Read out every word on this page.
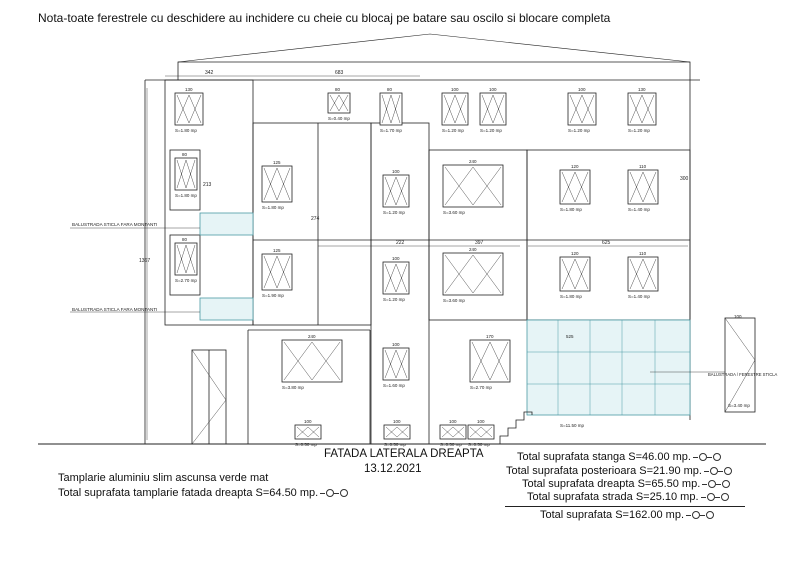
130
S=1.80 mp
80
S=0.40 mp
80
S=1.70 mp
100
S=1.20 mp
100
S=1.20 mp
100
S=1.20 mp
130
S=1.20 mp
80
S=1.80 mp
125
S=1.80 mp
100
S=1.20 mp
240
S=3.60 mp
120
S=1.80 mp
110
S=1.40 mp
80
S=2.70 mp
125
S=1.90 mp
100
S=1.20 mp
240
S=3.60 mp
120
S=1.80 mp
110
S=1.40 mp
240
S=3.80 mp
100
S=1.60 mp
170
S=2.70 mp
525
S=11.50 mp
100
S=0.50 mp
100
S=0.50 mp
100
S=0.50 mp
100
S=0.50 mp
100
S=3.40 mp
342	683
222	397	625
1367
274
213
300
BALUSTRADA STICLA FARA MONTANTI
BALUSTRADA STICLA FARA MONTANTI
BALUSTRADA / FERESTRE STICLA
Nota-toate ferestrele cu deschidere au inchidere cu cheie cu blocaj pe batare sau oscilo si blocare completa
FATADA LATERALA DREAPTA
13.12.2021
Tamplarie aluminiu slim ascunsa verde mat
Total suprafata tamplarie fatada dreapta S=64.50 mp.
Total suprafata stanga S=46.00 mp.
Total suprafata posterioara S=21.90 mp.
Total suprafata dreapta S=65.50 mp.
Total suprafata strada S=25.10 mp.
Total suprafata S=162.00 mp.
